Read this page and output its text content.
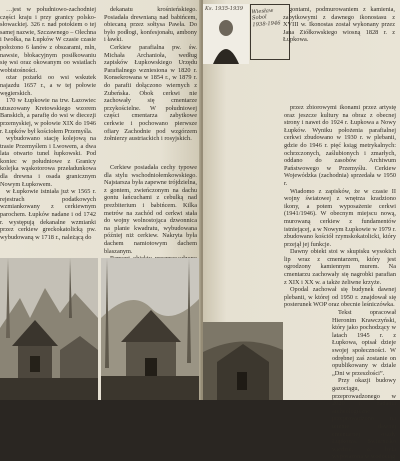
…jest w południowo-zachodniej części kraju i przy granicy polsko-słowackiej. 326 r. nad potokiem o tej samej nazwie, Szczawnego – Olechna i Iwołka, na Łupków W czasie czasie położono 6 łanów z obszarami, mln, nawsie, błokacyjnym posiłkowaniu się wsi oraz okowanym oo wsiatlach wobistośności.

ożar pożarki oo wsi wskutek najazdu 1657 r., a w tej połowie węgierskich.

170 w Łupkowie na trw. Łazowiec utuszowany Kretowskiego wzorem Banskich, a parafię do wsi w diecezji przemyskiej, w połowie XIX do 1946 r. Łupków był kościołem Przemyśla.

wybudowano stację kolejową na trasie Przemyślem i Lwowem, a dwa lata otwarto tunel łupkowski. Pod koniec w południowe z Granicy kolejka wąskotorowa przeładunkowa dla drewna i osada granicznym Nowym Łupkowem.

w Łupkowie istniała już w 1565 r. rejestrach podatkowych wzmiankowany z cerkiewnym parochem. Łupków nadane i od 1742 r. występują dekanalne wzmianki przez cerkiew greckokatolicką pw. wybudowaną w 1718 r., należącą do

dekanatu krośnieńskiego. Posiadała drewnianą nad babińcem, obiecaną przez sołtysa Pawła. Do było podłogi, konfesjonału, ambony i ławki.

Cerkiew parafialna pw. św. Michała Archanioła, według zapisków Łupkowskiego Urzędu Parafialnego wzniesiona w 1820 r. Konsekrowana w 1854 r., w 1879 r. do parafii dołączono wiernych z Zubeńska. Obok cerkwi nie zachowały się cmentarze przykościelne. W południowej części cmentarza zabytkowe cerkwie i pochowano pierwsze ofiary Zachodnie pod wzgórzem żołnierzy austriackich i rosyjskich.

Cerkiew posiadała cechy typowe dla stylu wschodniołemkowskiego. Najstarsza była zapewne trójdzielna, z gontem, zwieńczonym na dachu gontu łańcuchami z cebulką nad prezbiterium i babińcem. Kilka metrów na zachód od cerkwi stała do wojny wolnostojąca dzwonnica na planie kwadratu, wybudowana później niż cerkiew. Nakryta była dachem namiotowym dachem blaszanym.

Ks. 1935-1939	Wiesław
Sobol
1938-1946

gontami, podmurowaniem z kamienia, zabytkowymi z dawnego ikonostasu z XVIII w. Ikonostas został wykonany przez Jana Ziółkowskiego wiosną 1828 r. z Łupkowa.

przez zbiorowymi ikonami przez artystę oraz jeszcze kultury na obraz z obecnej strony i nawet do 1924 r. Łupkowa a Nowy Łupków. Wyniku położenia parafialnej cerkwi zbudowano w 1930 r. w plebanii, gdzie do 1946 r. pięć ksiąg metrykalnych: ochrzczonych, zaślubionych i zmarłych, oddano do zasobów Archiwum Państwowego w Przemyślu. Cerkiew Wojewódzka (zachodnia) sprzedała w 1950 r.

Wiadomo z zapisków, że w czasie II wojny światowej z wnętrza kradziono ikony, a potem wyposażenie cerkwi (1941/1946). W obecnym miejscu nową, murowaną cerkiew z fundamentów istniejącej, a w Nowym Łupkowie w 1979 r. zbudowano kościół rzymskokatolicki, który przejął jej funkcje.

Dawny obiekt stoi w skupisku wysokich lip wraz z cmentarzem, który jest ogrodzony kamiennym murem. Na cmentarzu zachowały się nagrobki parafian z XIX i XX w. a także żeliwne krzyże.

Opodal zachował się budynek dawnej plebanii, w której od 1950 r. znajdował się posterunek WOP oraz obecnie leśniczówka.

Tekst opracował Hieronim Krawczyński, który jako pochodzący w latach 1945 r. z Łupkowa, opisał dzieje swojej społeczności. W odrębnej zaś zostanie on opublikowany w dziale „Dni w przeszłości”.

Przy okazji budowy gazociągu, przeprowadzonego w 2020 r. badania archeologiczne przeprowadzono na terenie dawnej cmentarnej osady Łupkowa. Swiernisko wiedzie, że była wyposażona w wodociąg
